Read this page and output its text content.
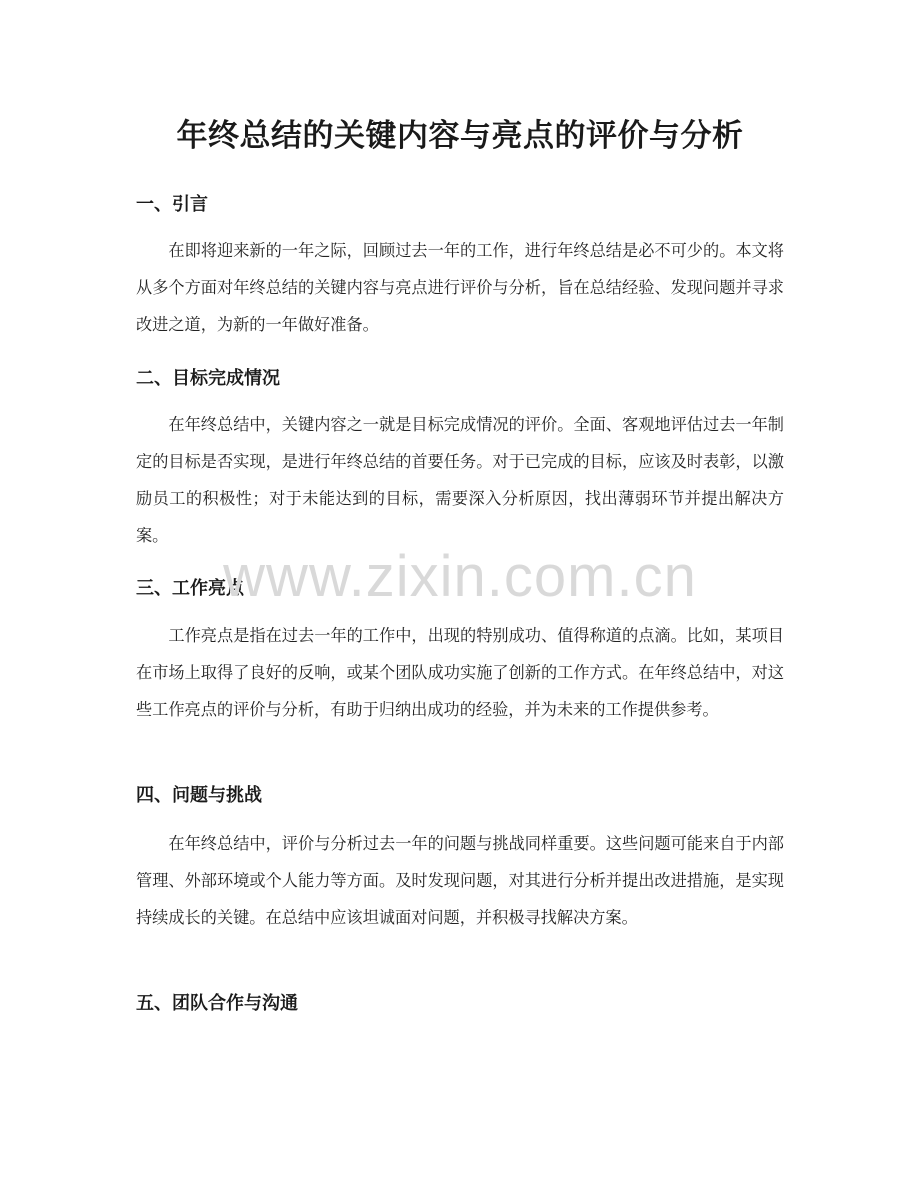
年终总结的关键内容与亮点的评价与分析
一、引言

在即将迎来新的一年之际，回顾过去一年的工作，进行年终总结是必不可少的。本文将从多个方面对年终总结的关键内容与亮点进行评价与分析，旨在总结经验、发现问题并寻求改进之道，为新的一年做好准备。

二、目标完成情况

在年终总结中，关键内容之一就是目标完成情况的评价。全面、客观地评估过去一年制定的目标是否实现，是进行年终总结的首要任务。对于已完成的目标，应该及时表彰，以激励员工的积极性；对于未能达到的目标，需要深入分析原因，找出薄弱环节并提出解决方案。

三、工作亮点

工作亮点是指在过去一年的工作中，出现的特别成功、值得称道的点滴。比如，某项目在市场上取得了良好的反响，或某个团队成功实施了创新的工作方式。在年终总结中，对这些工作亮点的评价与分析，有助于归纳出成功的经验，并为未来的工作提供参考。

四、问题与挑战

在年终总结中，评价与分析过去一年的问题与挑战同样重要。这些问题可能来自于内部管理、外部环境或个人能力等方面。及时发现问题，对其进行分析并提出改进措施，是实现持续成长的关键。在总结中应该坦诚面对问题，并积极寻找解决方案。

五、团队合作与沟通
www.zixin.com.cn
